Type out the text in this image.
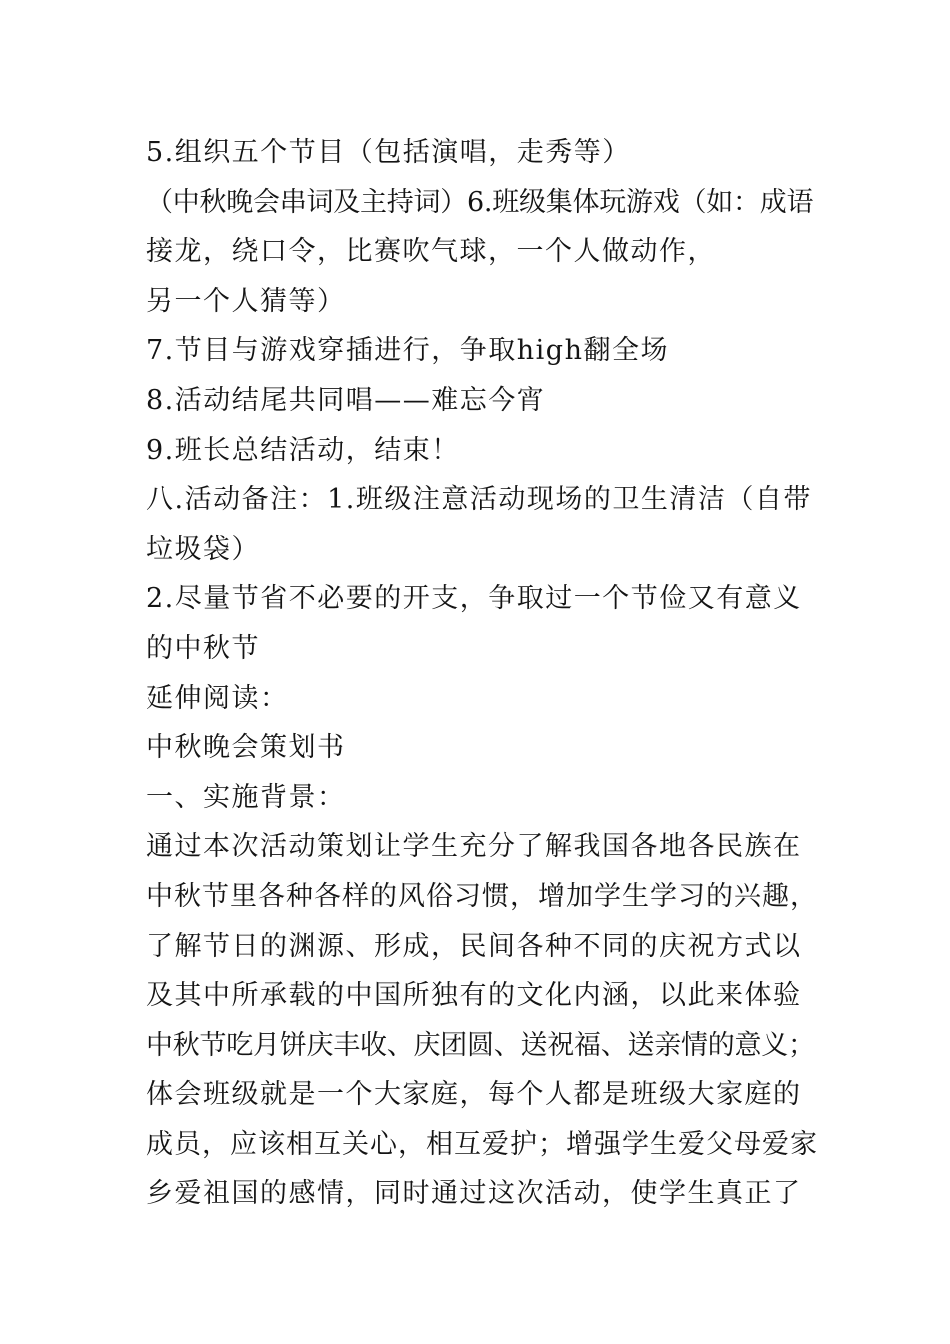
5.组织五个节目（包括演唱，走秀等）
（中秋晚会串词及主持词）6.班级集体玩游戏（如：成语
接龙，绕口令，比赛吹气球，一个人做动作，
另一个人猜等）
7.节目与游戏穿插进行，争取high翻全场
8.活动结尾共同唱——难忘今宵
9.班长总结活动，结束！
八.活动备注：1.班级注意活动现场的卫生清洁（自带
垃圾袋）
2.尽量节省不必要的开支，争取过一个节俭又有意义
的中秋节
延伸阅读：
中秋晚会策划书
一、实施背景：
通过本次活动策划让学生充分了解我国各地各民族在
中秋节里各种各样的风俗习惯，增加学生学习的兴趣，
了解节日的渊源、形成，民间各种不同的庆祝方式以
及其中所承载的中国所独有的文化内涵，以此来体验
中秋节吃月饼庆丰收、庆团圆、送祝福、送亲情的意义；
体会班级就是一个大家庭，每个人都是班级大家庭的
成员，应该相互关心，相互爱护；增强学生爱父母爱家
乡爱祖国的感情，同时通过这次活动，使学生真正了
